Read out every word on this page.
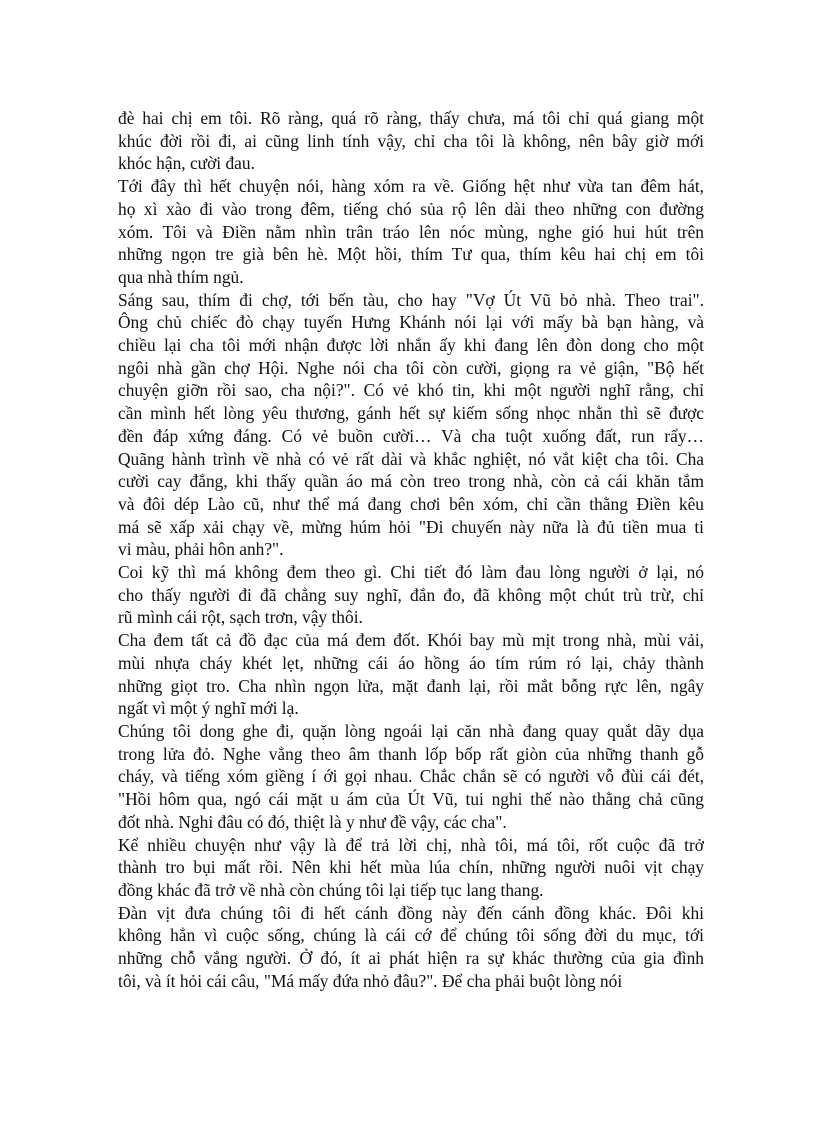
đè hai chị em tôi. Rõ ràng, quá rõ ràng, thấy chưa, má tôi chỉ quá giang một
khúc đời rồi đi, ai cũng linh tính vậy, chỉ cha tôi là không, nên bây giờ mới
khóc hận, cười đau.
Tới đây thì hết chuyện nói, hàng xóm ra về. Giống hệt như vừa tan đêm hát,
họ xì xào đi vào trong đêm, tiếng chó sủa rộ lên dài theo những con đường
xóm. Tôi và Điền nằm nhìn trân tráo lên nóc mùng, nghe gió hui hút trên
những ngọn tre già bên hè. Một hồi, thím Tư qua, thím kêu hai chị em tôi
qua nhà thím ngủ.
Sáng sau, thím đi chợ, tới bến tàu, cho hay "Vợ Út Vũ bỏ nhà. Theo trai".
Ông chủ chiếc đò chạy tuyến Hưng Khánh nói lại với mấy bà bạn hàng, và
chiều lại cha tôi mới nhận được lời nhắn ấy khi đang lên đòn dong cho một
ngôi nhà gần chợ Hội. Nghe nói cha tôi còn cười, giọng ra vẻ giận, "Bộ hết
chuyện giỡn rồi sao, cha nội?". Có vẻ khó tin, khi một người nghĩ rằng, chỉ
cần mình hết lòng yêu thương, gánh hết sự kiếm sống nhọc nhằn thì sẽ được
đền đáp xứng đáng. Có vẻ buồn cười… Và cha tuột xuống đất, run rẩy…
Quãng hành trình về nhà có vẻ rất dài và khắc nghiệt, nó vắt kiệt cha tôi. Cha
cười cay đắng, khi thấy quần áo má còn treo trong nhà, còn cả cái khăn tắm
và đôi dép Lào cũ, như thể má đang chơi bên xóm, chỉ cần thằng Điền kêu
má sẽ xấp xải chạy về, mừng húm hỏi "Đi chuyến này nữa là đủ tiền mua ti
vi màu, phải hôn anh?".
Coi kỹ thì má không đem theo gì. Chi tiết đó làm đau lòng người ở lại, nó
cho thấy người đi đã chẳng suy nghĩ, đắn đo, đã không một chút trù trừ, chỉ
rũ mình cái rột, sạch trơn, vậy thôi.
Cha đem tất cả đồ đạc của má đem đốt. Khói bay mù mịt trong nhà, mùi vải,
mùi nhựa cháy khét lẹt, những cái áo hồng áo tím rúm ró lại, chảy thành
những giọt tro. Cha nhìn ngọn lửa, mặt đanh lại, rồi mắt bỗng rực lên, ngây
ngất vì một ý nghĩ mới lạ.
Chúng tôi dong ghe đi, quặn lòng ngoái lại căn nhà đang quay quắt dãy dụa
trong lửa đỏ. Nghe vẳng theo âm thanh lốp bốp rất giòn của những thanh gỗ
cháy, và tiếng xóm giềng í ới gọi nhau. Chắc chắn sẽ có người vỗ đùi cái đét,
"Hồi hôm qua, ngó cái mặt u ám của Út Vũ, tui nghi thế nào thằng chả cũng
đốt nhà. Nghi đâu có đó, thiệt là y như đề vậy, các cha".
Kể nhiều chuyện như vậy là để trả lời chị, nhà tôi, má tôi, rốt cuộc đã trở
thành tro bụi mất rồi. Nên khi hết mùa lúa chín, những người nuôi vịt chạy
đồng khác đã trở về nhà còn chúng tôi lại tiếp tục lang thang.
Đàn vịt đưa chúng tôi đi hết cánh đồng này đến cánh đồng khác. Đôi khi
không hẳn vì cuộc sống, chúng là cái cớ để chúng tôi sống đời du mục, tới
những chỗ vắng người. Ở đó, ít ai phát hiện ra sự khác thường của gia đình
tôi, và ít hỏi cái câu, "Má mấy đứa nhỏ đâu?". Để cha phải buột lòng nói
